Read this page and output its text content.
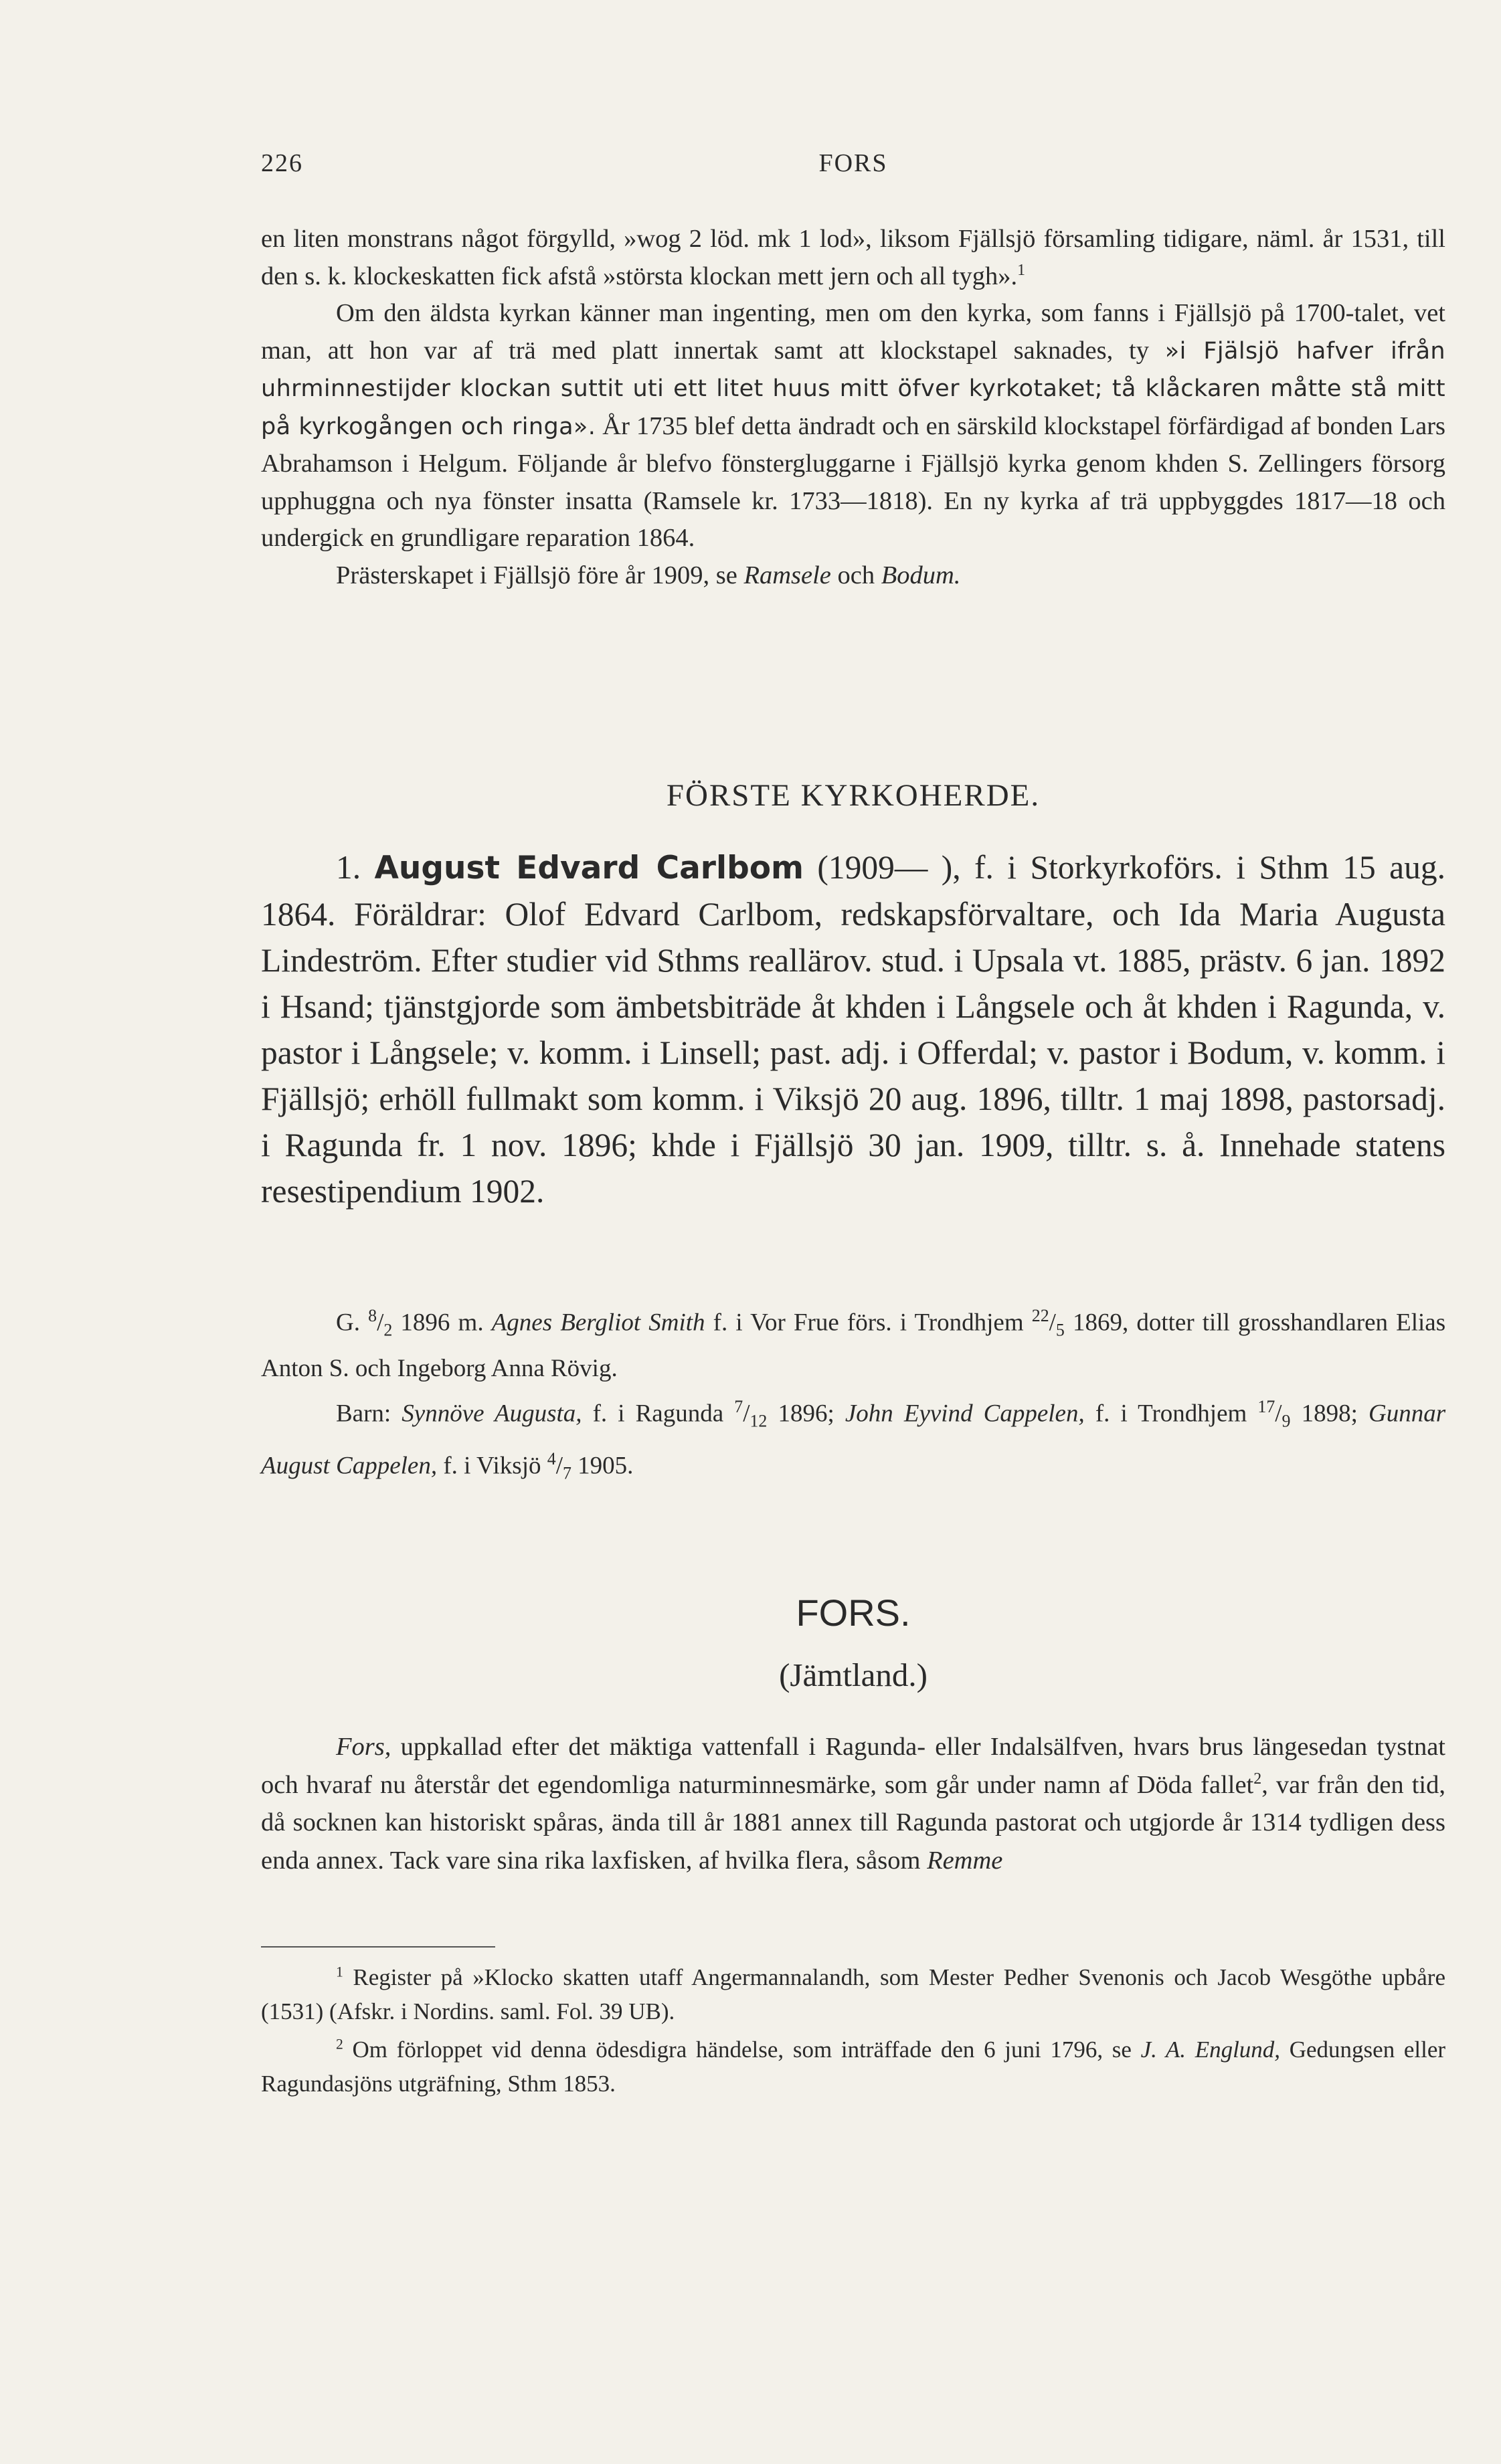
226	FORS

en liten monstrans något förgylld, »wog 2 löd. mk 1 lod», liksom Fjällsjö församling tidigare, näml. år 1531, till den s. k. klockeskatten fick afstå »största klockan mett jern och all tygh».$^1$

Om den äldsta kyrkan känner man ingenting, men om den kyrka, som fanns i Fjällsjö på 1700-talet, vet man, att hon var af trä med platt innertak samt att klockstapel saknades, ty »i Fjälsjö hafver ifrån uhrminnestijder klockan suttit uti ett litet huus mitt öfver kyrkotaket; tå klåckaren måtte stå mitt på kyrkogången och ringa». År 1735 blef detta ändradt och en särskild klockstapel förfärdigad af bonden Lars Abrahamson i Helgum. Följande år blefvo fönstergluggarne i Fjällsjö kyrka genom khden S. Zellingers försorg upphuggna och nya fönster insatta (Ramsele kr. 1733—1818). En ny kyrka af trä uppbyggdes 1817—18 och undergick en grundligare reparation 1864.

Prästerskapet i Fjällsjö före år 1909, se Ramsele och Bodum.

FÖRSTE KYRKOHERDE.

1. August Edvard Carlbom (1909— ), f. i Storkyrkoförs. i Sthm 15 aug. 1864. Föräldrar: Olof Edvard Carlbom, redskapsförvaltare, och Ida Maria Augusta Lindeström. Efter studier vid Sthms reallärov. stud. i Upsala vt. 1885, prästv. 6 jan. 1892 i Hsand; tjänstgjorde som ämbetsbiträde åt khden i Långsele och åt khden i Ragunda, v. pastor i Långsele; v. komm. i Linsell; past. adj. i Offerdal; v. pastor i Bodum, v. komm. i Fjällsjö; erhöll fullmakt som komm. i Viksjö 20 aug. 1896, tilltr. 1 maj 1898, pastorsadj. i Ragunda fr. 1 nov. 1896; khde i Fjällsjö 30 jan. 1909, tilltr. s. å. Innehade statens resestipendium 1902.

G. $^8/_2$ 1896 m. Agnes Bergliot Smith f. i Vor Frue förs. i Trondhjem $^{22}/_5$ 1869, dotter till grosshandlaren Elias Anton S. och Ingeborg Anna Rövig.

Barn: Synnöve Augusta, f. i Ragunda $^7/_{12}$ 1896; John Eyvind Cappelen, f. i Trondhjem $^{17}/_9$ 1898; Gunnar August Cappelen, f. i Viksjö $^4/_7$ 1905.

FORS.
(Jämtland.)

Fors, uppkallad efter det mäktiga vattenfall i Ragunda- eller Indalsälfven, hvars brus längesedan tystnat och hvaraf nu återstår det egendomliga naturminnesmärke, som går under namn af Döda fallet$^2$, var från den tid, då socknen kan historiskt spåras, ända till år 1881 annex till Ragunda pastorat och utgjorde år 1314 tydligen dess enda annex. Tack vare sina rika laxfisken, af hvilka flera, såsom Remme

$^1$ Register på »Klocko skatten utaff Angermannalandh, som Mester Pedher Svenonis och Jacob Wesgöthe upbåre (1531) (Afskr. i Nordins. saml. Fol. 39 UB).

$^2$ Om förloppet vid denna ödesdigra händelse, som inträffade den 6 juni 1796, se J. A. Englund, Gedungsen eller Ragundasjöns utgräfning, Sthm 1853.
